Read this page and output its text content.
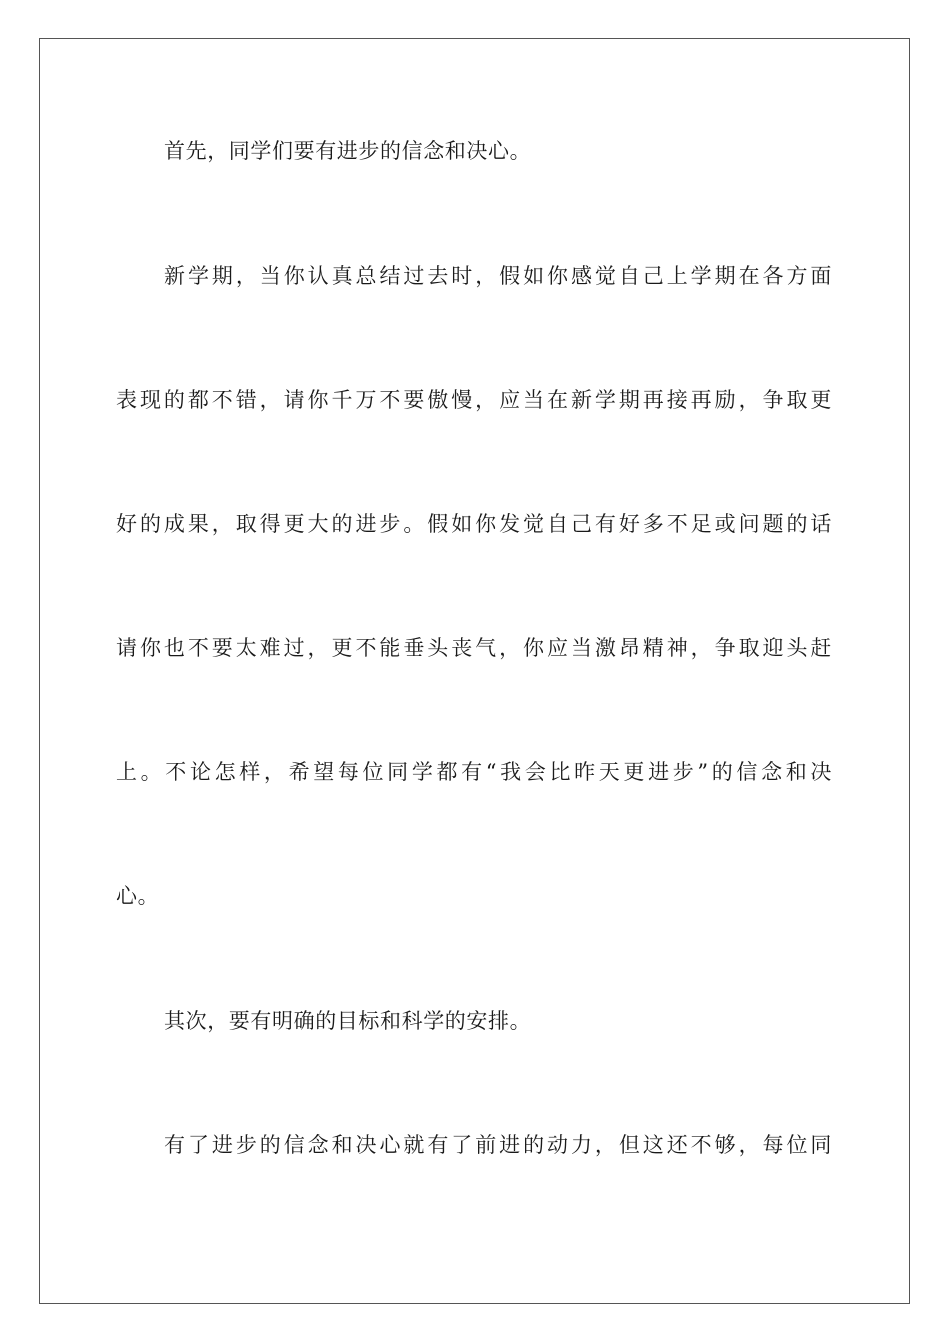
首先，同学们要有进步的信念和决心。
新学期，当你认真总结过去时，假如你感觉自己上学期在各方面
表现的都不错，请你千万不要傲慢，应当在新学期再接再励，争取更
好的成果，取得更大的进步。假如你发觉自己有好多不足或问题的话
请你也不要太难过，更不能垂头丧气，你应当激昂精神，争取迎头赶
上。不论怎样，希望每位同学都有“我会比昨天更进步”的信念和决
心。
其次，要有明确的目标和科学的安排。
有了进步的信念和决心就有了前进的动力，但这还不够，每位同
